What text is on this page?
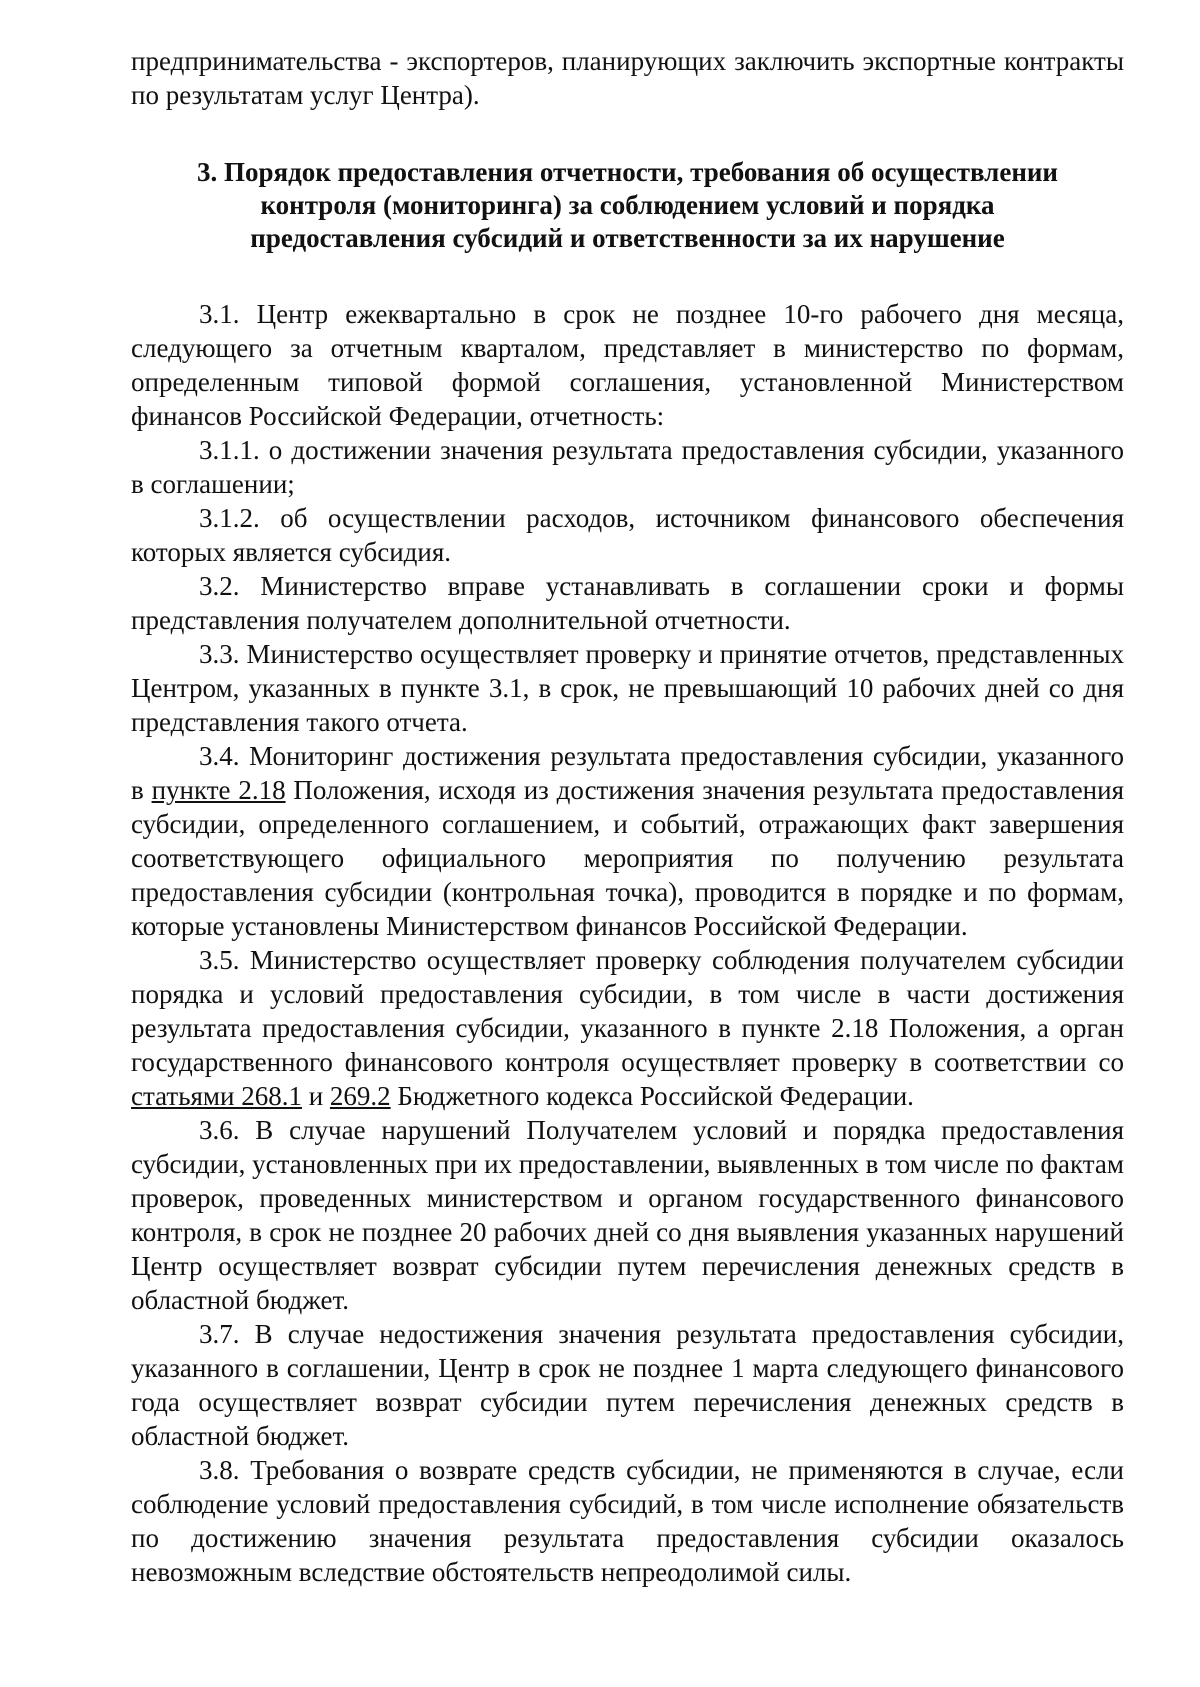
предпринимательства - экспортеров, планирующих заключить экспортные контракты по результатам услуг Центра).

3. Порядок предоставления отчетности, требования об осуществлении
контроля (мониторинга) за соблюдением условий и порядка
предоставления субсидий и ответственности за их нарушение

3.1. Центр ежеквартально в срок не позднее 10-го рабочего дня месяца, следующего за отчетным кварталом, представляет в министерство по формам, определенным типовой формой соглашения, установленной Министерством финансов Российской Федерации, отчетность:

3.1.1. о достижении значения результата предоставления субсидии, указанного в соглашении;

3.1.2. об осуществлении расходов, источником финансового обеспечения которых является субсидия.

3.2. Министерство вправе устанавливать в соглашении сроки и формы представления получателем дополнительной отчетности.

3.3. Министерство осуществляет проверку и принятие отчетов, представленных Центром, указанных в пункте 3.1, в срок, не превышающий 10 рабочих дней со дня представления такого отчета.

3.4. Мониторинг достижения результата предоставления субсидии, указанного в пункте 2.18 Положения, исходя из достижения значения результата предоставления субсидии, определенного соглашением, и событий, отражающих факт завершения соответствующего официального мероприятия по получению результата предоставления субсидии (контрольная точка), проводится в порядке и по формам, которые установлены Министерством финансов Российской Федерации.

3.5. Министерство осуществляет проверку соблюдения получателем субсидии порядка и условий предоставления субсидии, в том числе в части достижения результата предоставления субсидии, указанного в пункте 2.18 Положения, а орган государственного финансового контроля осуществляет проверку в соответствии со статьями 268.1 и 269.2 Бюджетного кодекса Российской Федерации.

3.6. В случае нарушений Получателем условий и порядка предоставления субсидии, установленных при их предоставлении, выявленных в том числе по фактам проверок, проведенных министерством и органом государственного финансового контроля, в срок не позднее 20 рабочих дней со дня выявления указанных нарушений Центр осуществляет возврат субсидии путем перечисления денежных средств в областной бюджет.

3.7. В случае недостижения значения результата предоставления субсидии, указанного в соглашении, Центр в срок не позднее 1 марта следующего финансового года осуществляет возврат субсидии путем перечисления денежных средств в областной бюджет.

3.8. Требования о возврате средств субсидии, не применяются в случае, если соблюдение условий предоставления субсидий, в том числе исполнение обязательств по достижению значения результата предоставления субсидии оказалось невозможным вследствие обстоятельств непреодолимой силы.
